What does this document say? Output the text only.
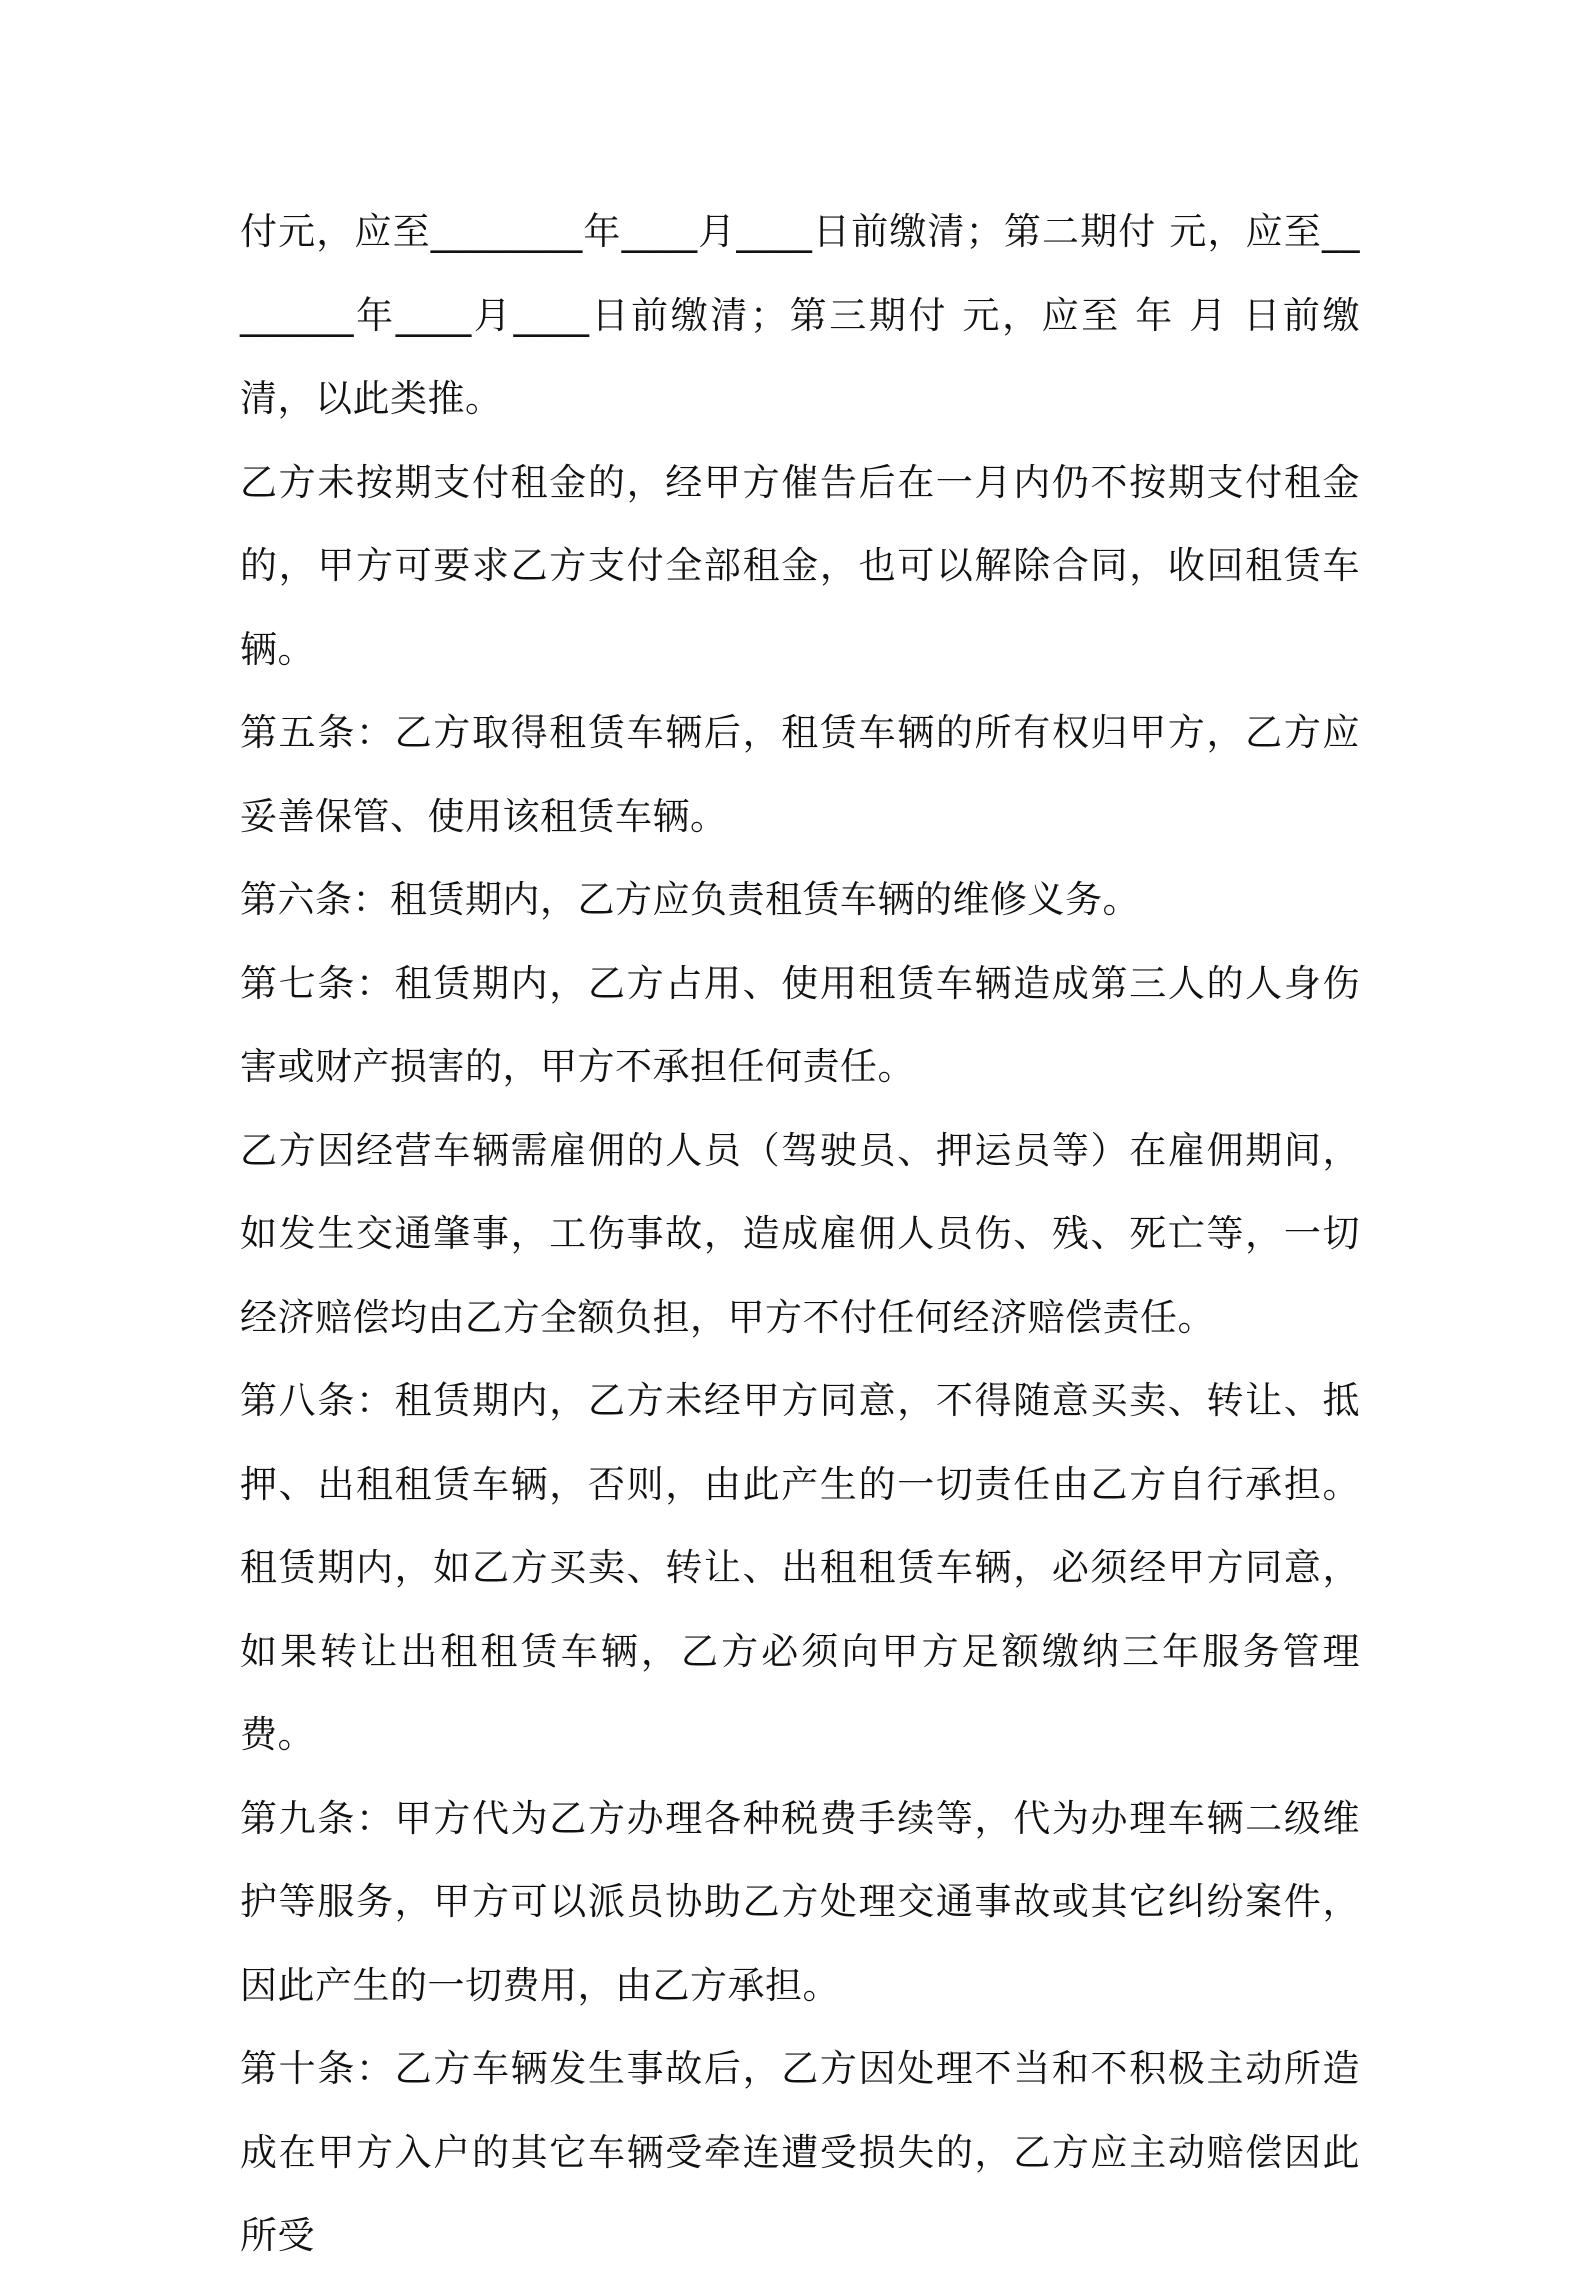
付元，应至________年____月____日前缴清；第二期付 元，应至________年____月____日前缴清；第三期付 元，应至 年 月 日前缴清，以此类推。

乙方未按期支付租金的，经甲方催告后在一月内仍不按期支付租金的，甲方可要求乙方支付全部租金，也可以解除合同，收回租赁车辆。

第五条：乙方取得租赁车辆后，租赁车辆的所有权归甲方，乙方应妥善保管、使用该租赁车辆。

第六条：租赁期内，乙方应负责租赁车辆的维修义务。

第七条：租赁期内，乙方占用、使用租赁车辆造成第三人的人身伤害或财产损害的，甲方不承担任何责任。

乙方因经营车辆需雇佣的人员（驾驶员、押运员等）在雇佣期间，如发生交通肇事，工伤事故，造成雇佣人员伤、残、死亡等，一切经济赔偿均由乙方全额负担，甲方不付任何经济赔偿责任。

第八条：租赁期内，乙方未经甲方同意，不得随意买卖、转让、抵押、出租租赁车辆，否则，由此产生的一切责任由乙方自行承担。租赁期内，如乙方买卖、转让、出租租赁车辆，必须经甲方同意，如果转让出租租赁车辆，乙方必须向甲方足额缴纳三年服务管理费。

第九条：甲方代为乙方办理各种税费手续等，代为办理车辆二级维护等服务，甲方可以派员协助乙方处理交通事故或其它纠纷案件，因此产生的一切费用，由乙方承担。

第十条：乙方车辆发生事故后，乙方因处理不当和不积极主动所造成在甲方入户的其它车辆受牵连遭受损失的，乙方应主动赔偿因此所受
